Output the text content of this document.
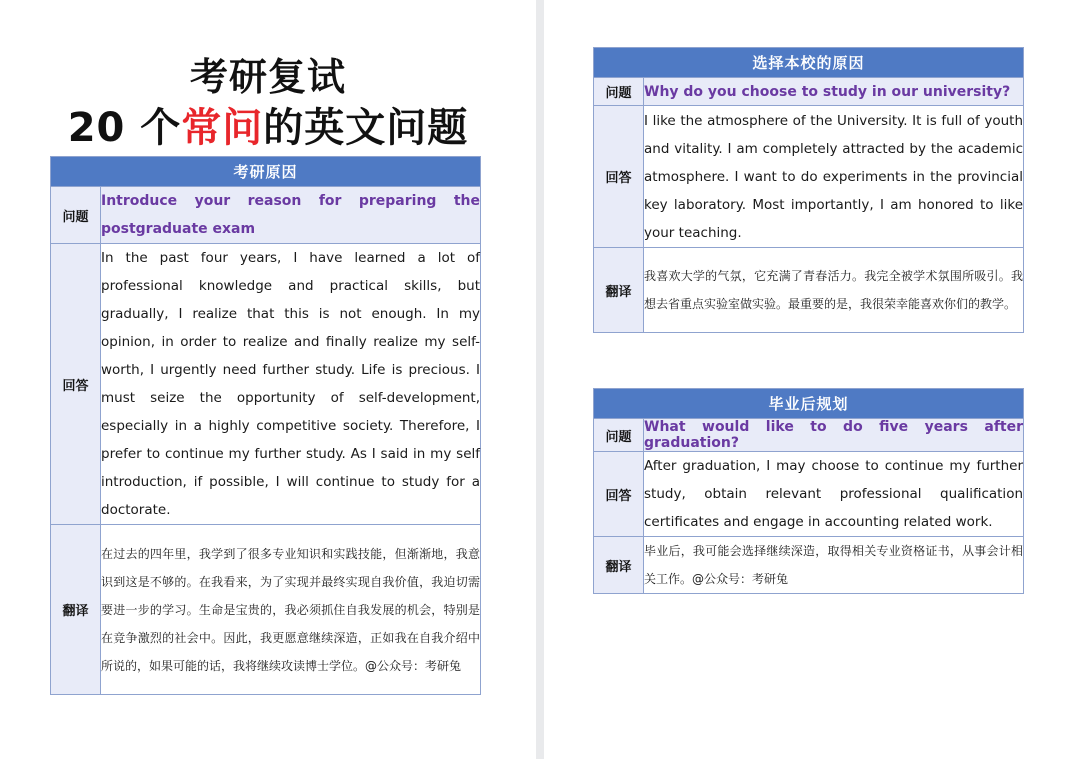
考研复试
20 个常问的英文问题
考研原因	
问题	Introduce your reason for preparing the postgraduate exam
回答	In the past four years, I have learned a lot of professional knowledge and practical skills, but gradually, I realize that this is not enough. In my opinion, in order to realize and finally realize my self-worth, I urgently need further study. Life is precious. I must seize the opportunity of self-development, especially in a highly competitive society. Therefore, I prefer to continue my further study. As I said in my self introduction, if possible, I will continue to study for a doctorate.
翻译	在过去的四年里，我学到了很多专业知识和实践技能，但渐渐地，我意识到这是不够的。在我看来，为了实现并最终实现自我价值，我迫切需要进一步的学习。生命是宝贵的，我必须抓住自我发展的机会，特别是在竞争激烈的社会中。因此，我更愿意继续深造，正如我在自我介绍中所说的，如果可能的话，我将继续攻读博士学位。@公众号：考研兔
选择本校的原因	
问题	Why do you choose to study in our university?
回答	I like the atmosphere of the University. It is full of youth and vitality. I am completely attracted by the academic atmosphere. I want to do experiments in the provincial key laboratory. Most importantly, I am honored to like your teaching.
翻译	我喜欢大学的气氛，它充满了青春活力。我完全被学术氛围所吸引。我想去省重点实验室做实验。最重要的是，我很荣幸能喜欢你们的教学。
毕业后规划	
问题	What would like to do five years after graduation?
回答	After graduation, I may choose to continue my further study, obtain relevant professional qualification certificates and engage in accounting related work.
翻译	毕业后，我可能会选择继续深造，取得相关专业资格证书，从事会计相关工作。@公众号：考研兔
